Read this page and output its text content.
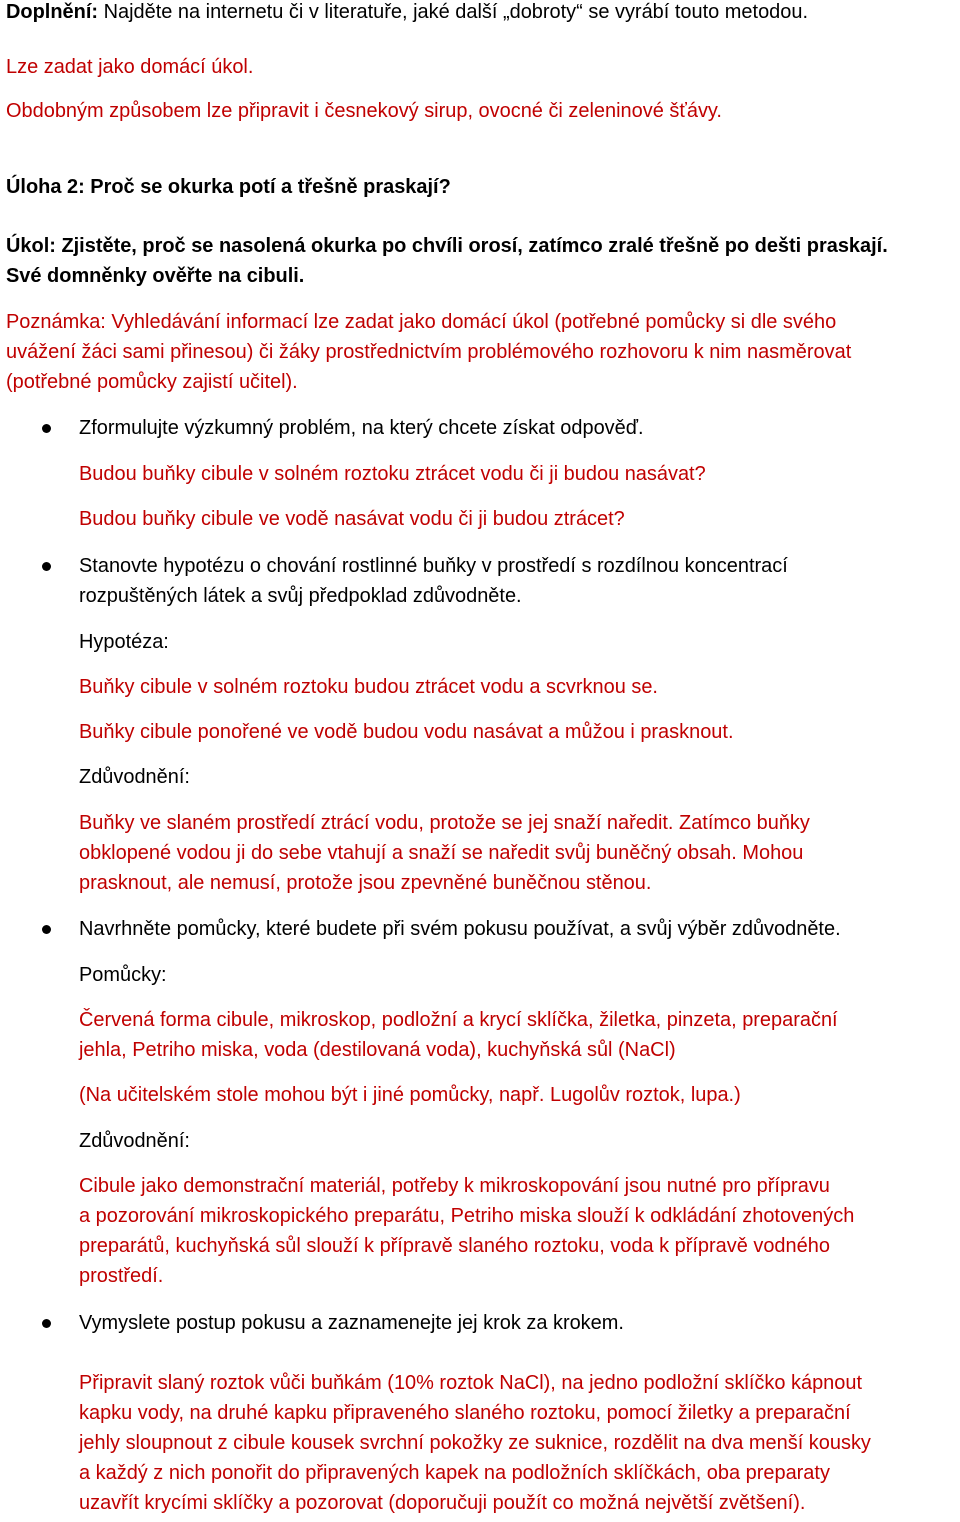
Doplnění: Najděte na internetu či v literatuře, jaké další „dobroty“ se vyrábí touto metodou.
Lze zadat jako domácí úkol.
Obdobným způsobem lze připravit i česnekový sirup, ovocné či zeleninové šťávy.
Úloha 2: Proč se okurka potí a třešně praskají?
Úkol: Zjistěte, proč se nasolená okurka po chvíli orosí, zatímco zralé třešně po dešti praskají.
Své domněnky ověřte na cibuli.
Poznámka: Vyhledávání informací lze zadat jako domácí úkol (potřebné pomůcky si dle svého
uvážení žáci sami přinesou) či žáky prostřednictvím problémového rozhovoru k nim nasměrovat
(potřebné pomůcky zajistí učitel).
Zformulujte výzkumný problém, na který chcete získat odpověď.
Budou buňky cibule v solném roztoku ztrácet vodu či ji budou nasávat?
Budou buňky cibule ve vodě nasávat vodu či ji budou ztrácet?
Stanovte hypotézu o chování rostlinné buňky v prostředí s rozdílnou koncentrací
rozpuštěných látek a svůj předpoklad zdůvodněte.
Hypotéza:
Buňky cibule v solném roztoku budou ztrácet vodu a scvrknou se.
Buňky cibule ponořené ve vodě budou vodu nasávat a můžou i prasknout.
Zdůvodnění:
Buňky ve slaném prostředí ztrácí vodu, protože se jej snaží naředit. Zatímco buňky
obklopené vodou ji do sebe vtahují a snaží se naředit svůj buněčný obsah. Mohou
prasknout, ale nemusí, protože jsou zpevněné buněčnou stěnou.
Navrhněte pomůcky, které budete při svém pokusu používat, a svůj výběr zdůvodněte.
Pomůcky:
Červená forma cibule, mikroskop, podložní a krycí sklíčka, žiletka, pinzeta, preparační
jehla, Petriho miska, voda (destilovaná voda), kuchyňská sůl (NaCl)
(Na učitelském stole mohou být i jiné pomůcky, např. Lugolův roztok, lupa.)
Zdůvodnění:
Cibule jako demonstrační materiál, potřeby k mikroskopování jsou nutné pro přípravu
a pozorování mikroskopického preparátu, Petriho miska slouží k odkládání zhotovených
preparátů, kuchyňská sůl slouží k přípravě slaného roztoku, voda k přípravě vodného
prostředí.
Vymyslete postup pokusu a zaznamenejte jej krok za krokem.
Připravit slaný roztok vůči buňkám (10% roztok NaCl), na jedno podložní sklíčko kápnout
kapku vody, na druhé kapku připraveného slaného roztoku, pomocí žiletky a preparační
jehly sloupnout z cibule kousek svrchní pokožky ze suknice, rozdělit na dva menší kousky
a každý z nich ponořit do připravených kapek na podložních sklíčkách, oba preparaty
uzavřít krycími sklíčky a pozorovat (doporučuji použít co možná největší zvětšení).
